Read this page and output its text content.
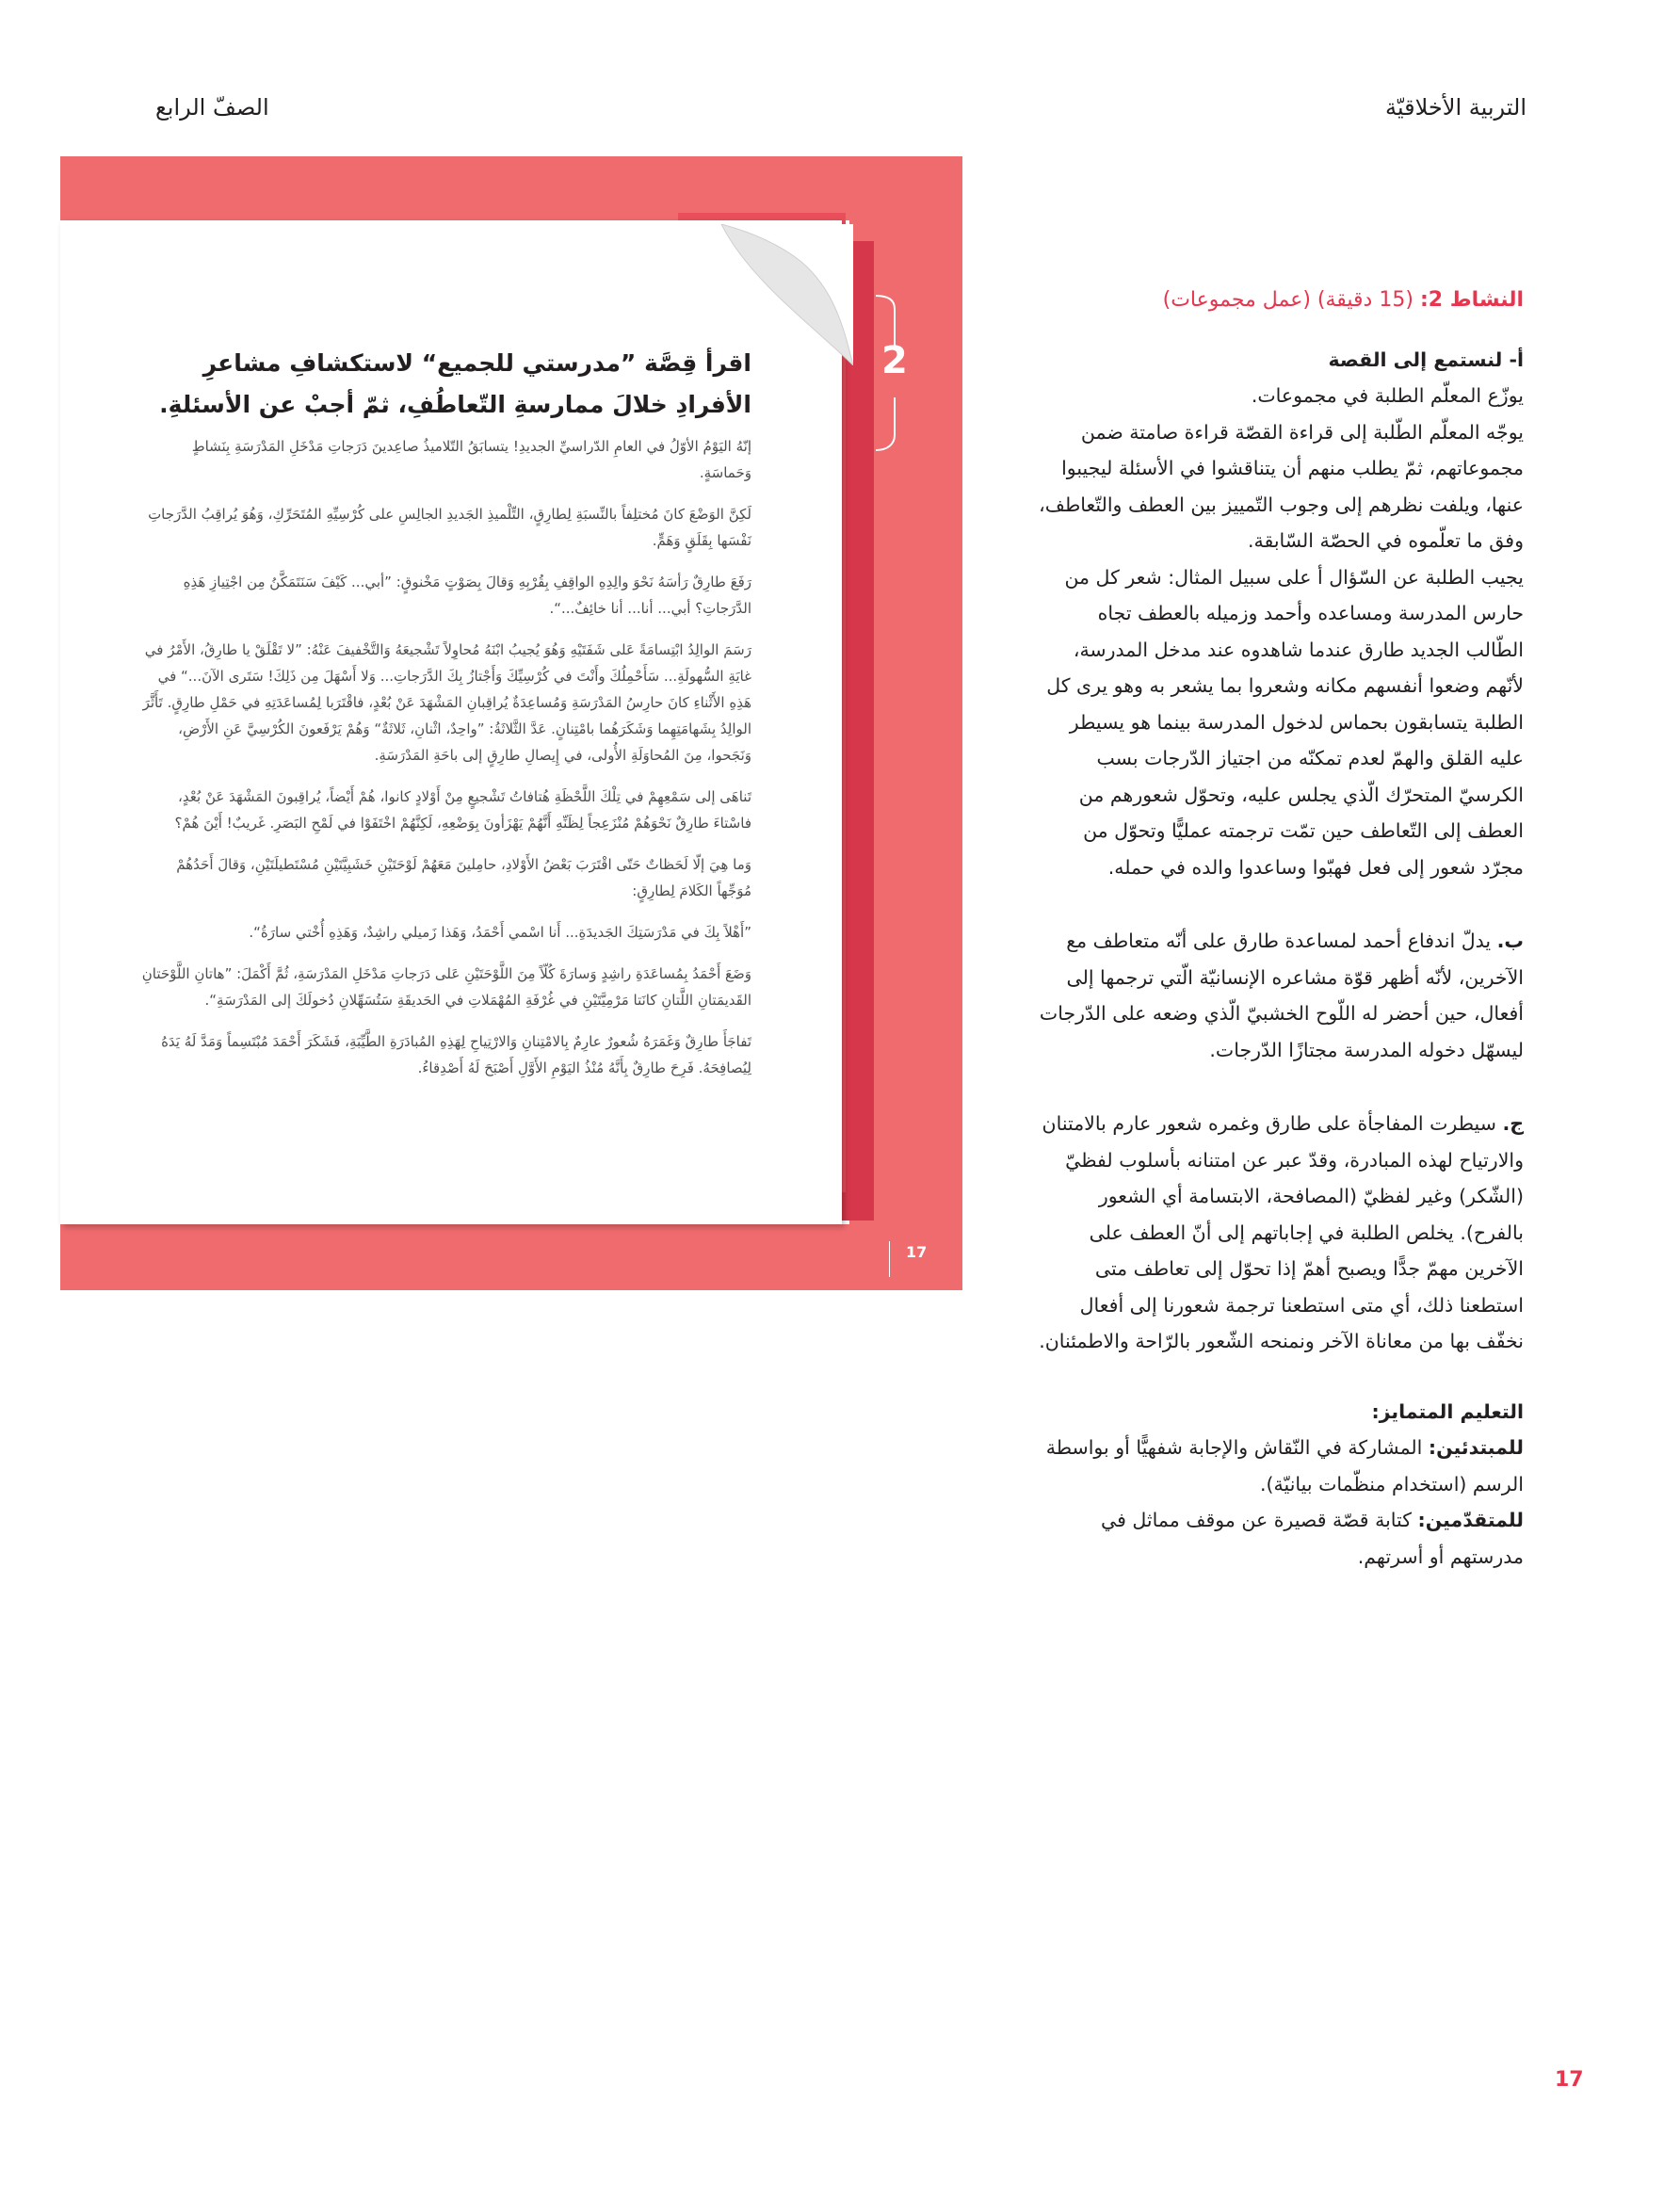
التربية الأخلاقيّة
الصفّ الرابع
2
17
اقرأ قِصَّة ”مدرستي للجميع“ لاستكشافِ مشاعرِ الأفرادِ خلالَ ممارسةِ التّعاطُفِ، ثمّ أجبْ عن الأسئلةِ.

إنّهُ اليَوْمُ الأوّلُ في العامِ الدّراسيِّ الجديدِ! يتسابَقُ التّلاميذُ صاعِدينَ دَرَجاتِ مَدْخَلِ المَدْرَسَةِ بِنَشاطٍ وَحَماسَةٍ.

لَكِنَّ الوَضْعَ كانَ مُختلِفاً بالنِّسبَةِ لِطارِقٍ، التِّلْميذِ الجَديدِ الجالِسِ على كُرْسِيِّهِ المُتَحَرِّكِ، وَهُوَ يُراقِبُ الدَّرَجاتِ نَفْسَها بِقَلَقٍ وَهَمٍّ.

رَفَعَ طارِقٌ رَأسَهُ نَحْوَ والِدِهِ الواقِفِ بِقُرْبِهِ وَقالَ بِصَوْتٍ مَخْنوقٍ: ”أبي... كَيْفَ سَنَتَمَكَّنُ مِن اجْتِيازِ هَذِهِ الدَّرَجاتِ؟ أبي... أنا... أنا خائِفٌ...“.

رَسَمَ الوالِدُ ابْتِسامَةً عَلى شَفَتَيْهِ وَهُوَ يُجيبُ ابْنَهُ مُحاوِلاً تَشْجيعَهُ وَالتَّخْفيفَ عَنْهُ: ”لا تَقْلَقْ يا طارِقُ، الأَمْرُ في غايَةِ السُّهولَةِ... سَأَحْمِلُكَ وأَنْتَ في كُرْسِيِّكَ وَأَجْتازُ بِكَ الدَّرَجاتِ... وَلا أَسْهَلَ مِن ذَلِكَ! سَتَرى الآنَ...“ في هَذِهِ الأَثْناءِ كانَ حارِسُ المَدْرَسَةِ وَمُساعِدَةٌ يُراقِبانِ المَشْهَدَ عَنْ بُعْدٍ، فاقْتَرَبا لِمُساعَدَتِهِ في حَمْلِ طارِقٍ. تَأَثَّرَ الوالِدُ بِشَهامَتِهِما وَشَكَرَهُما بامْتِنانٍ. عَدَّ الثَّلاثَةُ: ”واحِدٌ، اثْنانِ، ثَلاثَةٌ“ وَهُمْ يَرْفَعونَ الكُرْسِيَّ عَنِ الأَرْضِ، وَنَجَحوا، مِنَ المُحاوَلَةِ الأُولى، في إِيصالِ طارِقٍ إلى باحَةِ المَدْرَسَةِ.

تَناهَى إلى سَمْعِهِمْ في تِلْكَ اللَّحْظَةِ هُتافاتُ تَشْجيعٍ مِنْ أَوْلادٍ كانوا، هُمْ أَيْضاً، يُراقِبونَ المَشْهَدَ عَنْ بُعْدٍ، فاسْتاءَ طارِقٌ نَحْوَهُمْ مُنْزَعِجاً لِظَنِّهِ أَنَّهُمْ يَهْزَأونَ بِوَضْعِهِ، لَكِنَّهُمْ اخْتَفَوْا في لَمْحِ البَصَرِ. غَريبٌ! أَيْنَ هُمْ؟

وَما هِيَ إلّا لَحَظاتٌ حَتّى اقْتَرَبَ بَعْضُ الأَوْلادِ، حامِلينَ مَعَهُمْ لَوْحَتَيْنِ خَشَبِيَّتَيْنِ مُسْتَطيلَتَيْنِ، وَقالَ أَحَدُهُمْ مُوَجِّهاً الكَلامَ لِطارِقٍ:

”أَهْلاً بِكَ في مَدْرَسَتِكَ الجَديدَةِ... أَنا اسْمي أَحْمَدُ، وَهَذا زَميلي راشِدٌ، وَهَذِهِ أُخْتي سارَةُ“.

وَضَعَ أَحْمَدُ بِمُساعَدَةِ راشِدٍ وَسارَةَ كُلّاً مِنَ اللَّوْحَتَيْنِ عَلى دَرَجاتِ مَدْخَلِ المَدْرَسَةِ، ثُمَّ أَكْمَلَ: ”هاتانِ اللَّوْحَتانِ القَديمَتانِ اللَّتانِ كانَتا مَرْمِيَّتَيْنِ في غُرْفَةِ المُهْمَلاتِ في الحَديقَةِ سَتُسَهِّلانِ دُخولَكَ إلى المَدْرَسَةِ“.

تَفاجَأَ طارِقٌ وَغَمَرَهُ شُعورٌ عارِمٌ بِالامْتِنانِ وَالارْتِياحِ لِهَذِهِ المُبادَرَةِ الطَّيِّبَةِ، فَشَكَرَ أَحْمَدَ مُبْتَسِماً وَمَدَّ لَهُ يَدَهُ لِيُصافِحَهُ. فَرِحَ طارِقٌ بِأَنَّهُ مُنْذُ اليَوْمِ الأَوَّلِ أَصْبَحَ لَهُ أَصْدِقاءُ.

النشاط 2: (15 دقيقة) (عمل مجموعات)

أ- لنستمع إلى القصة

يوزّع المعلّم الطلبة في مجموعات.

يوجّه المعلّم الطّلبة إلى قراءة القصّة قراءة صامتة ضمن مجموعاتهم، ثمّ يطلب منهم أن يتناقشوا في الأسئلة ليجيبوا عنها، ويلفت نظرهم إلى وجوب التّمييز بين العطف والتّعاطف، وفق ما تعلّموه في الحصّة السّابقة.

يجيب الطلبة عن السّؤال أ على سبيل المثال: شعر كل من حارس المدرسة ومساعده وأحمد وزميله بالعطف تجاه الطّالب الجديد طارق عندما شاهدوه عند مدخل المدرسة، لأنّهم وضعوا أنفسهم مكانه وشعروا بما يشعر به وهو يرى كل الطلبة يتسابقون بحماس لدخول المدرسة بينما هو يسيطر عليه القلق والهمّ لعدم تمكنّه من اجتياز الدّرجات بسب الكرسيّ المتحرّك الّذي يجلس عليه، وتحوّل شعورهم من العطف إلى التّعاطف حين تمّت ترجمته عمليًّا وتحوّل من مجرّد شعور إلى فعل فهبّوا وساعدوا والده في حمله.

ب. يدلّ اندفاع أحمد لمساعدة طارق على أنّه متعاطف مع الآخرين، لأنّه أظهر قوّة مشاعره الإنسانيّة الّتي ترجمها إلى أفعال، حين أحضر له اللّوح الخشبيّ الّذي وضعه على الدّرجات ليسهّل دخوله المدرسة مجتازًا الدّرجات.

ج. سيطرت المفاجأة على طارق وغمره شعور عارم بالامتنان والارتياح لهذه المبادرة، وقدّ عبر عن امتنانه بأسلوب لفظيّ (الشّكر) وغير لفظيّ (المصافحة، الابتسامة أي الشعور بالفرح). يخلص الطلبة في إجاباتهم إلى أنّ العطف على الآخرين مهمّ جدًّا ويصبح أهمّ إذا تحوّل إلى تعاطف متى استطعنا ذلك، أي متى استطعنا ترجمة شعورنا إلى أفعال نخفّف بها من معاناة الآخر ونمنحه الشّعور بالرّاحة والاطمئنان.

التعليم المتمايز:

للمبتدئين: المشاركة في النّقاش والإجابة شفهيًّا أو بواسطة الرسم (استخدام منظّمات بيانيّة).

للمتقدّمين: كتابة قصّة قصيرة عن موقف مماثل في مدرستهم أو أسرتهم.

17
